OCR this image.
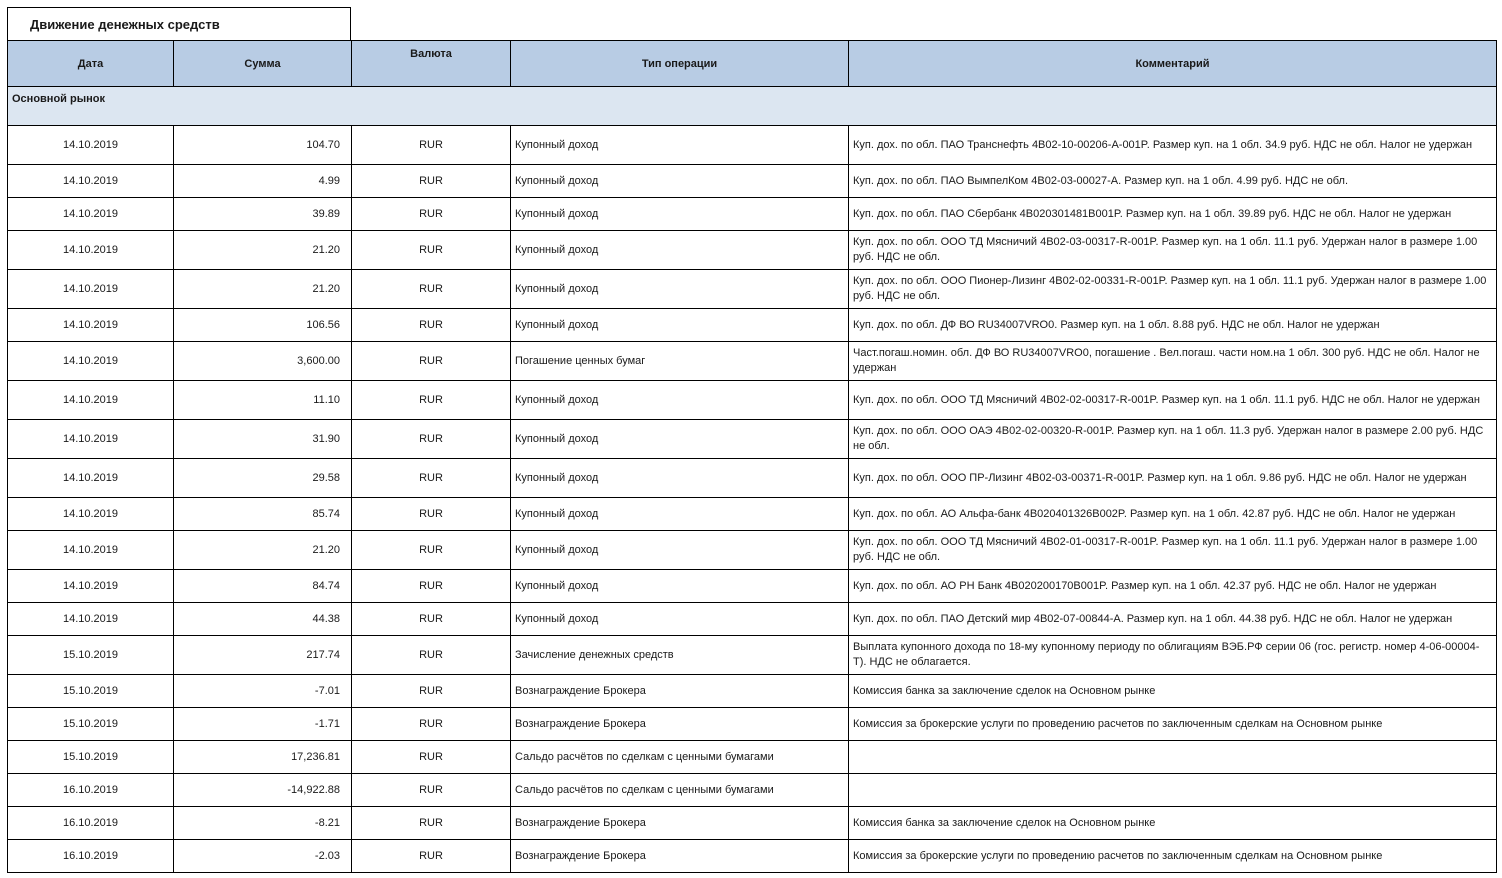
Движение денежных средств
Дата	Сумма	Валюта	Тип операции	Комментарий
Основной рынок				
14.10.2019	104.70	RUR	Купонный доход	Куп. дох. по обл. ПАО Транснефть 4B02-10-00206-A-001P. Размер куп. на 1 обл. 34.9 руб. НДС не обл. Налог не удержан
14.10.2019	4.99	RUR	Купонный доход	Куп. дох. по обл. ПАО ВымпелКом 4B02-03-00027-A. Размер куп. на 1 обл. 4.99 руб. НДС не обл.
14.10.2019	39.89	RUR	Купонный доход	Куп. дох. по обл. ПАО Сбербанк 4B020301481B001P. Размер куп. на 1 обл. 39.89 руб. НДС не обл. Налог не удержан
14.10.2019	21.20	RUR	Купонный доход	Куп. дох. по обл. ООО ТД Мясничий 4B02-03-00317-R-001P. Размер куп. на 1 обл. 11.1 руб. Удержан налог в размере 1.00 руб. НДС не обл.
14.10.2019	21.20	RUR	Купонный доход	Куп. дох. по обл. ООО Пионер-Лизинг 4B02-02-00331-R-001P. Размер куп. на 1 обл. 11.1 руб. Удержан налог в размере 1.00 руб. НДС не обл.
14.10.2019	106.56	RUR	Купонный доход	Куп. дох. по обл. ДФ ВО RU34007VRO0. Размер куп. на 1 обл. 8.88 руб. НДС не обл. Налог не удержан
14.10.2019	3,600.00	RUR	Погашение ценных бумаг	Част.погаш.номин. обл. ДФ ВО RU34007VRO0, погашение . Вел.погаш. части ном.на 1 обл. 300 руб. НДС не обл. Налог не удержан
14.10.2019	11.10	RUR	Купонный доход	Куп. дох. по обл. ООО ТД Мясничий 4B02-02-00317-R-001P. Размер куп. на 1 обл. 11.1 руб. НДС не обл. Налог не удержан
14.10.2019	31.90	RUR	Купонный доход	Куп. дох. по обл. ООО ОАЭ 4B02-02-00320-R-001P. Размер куп. на 1 обл. 11.3 руб. Удержан налог в размере 2.00 руб. НДС не обл.
14.10.2019	29.58	RUR	Купонный доход	Куп. дох. по обл. ООО ПР-Лизинг 4B02-03-00371-R-001P. Размер куп. на 1 обл. 9.86 руб. НДС не обл. Налог не удержан
14.10.2019	85.74	RUR	Купонный доход	Куп. дох. по обл. АО Альфа-банк 4B020401326B002P. Размер куп. на 1 обл. 42.87 руб. НДС не обл. Налог не удержан
14.10.2019	21.20	RUR	Купонный доход	Куп. дох. по обл. ООО ТД Мясничий 4B02-01-00317-R-001P. Размер куп. на 1 обл. 11.1 руб. Удержан налог в размере 1.00 руб. НДС не обл.
14.10.2019	84.74	RUR	Купонный доход	Куп. дох. по обл. АО РН Банк 4B020200170B001P. Размер куп. на 1 обл. 42.37 руб. НДС не обл. Налог не удержан
14.10.2019	44.38	RUR	Купонный доход	Куп. дох. по обл. ПАО Детский мир 4B02-07-00844-A. Размер куп. на 1 обл. 44.38 руб. НДС не обл. Налог не удержан
15.10.2019	217.74	RUR	Зачисление денежных средств	Выплата купонного дохода по 18-му купонному периоду по облигациям ВЭБ.РФ серии 06 (гос. регистр. номер 4-06-00004-T). НДС не облагается.
15.10.2019	-7.01	RUR	Вознаграждение Брокера	Комиссия банка за заключение сделок на Основном рынке
15.10.2019	-1.71	RUR	Вознаграждение Брокера	Комиссия за брокерские услуги по проведению расчетов по заключенным сделкам на Основном рынке
15.10.2019	17,236.81	RUR	Сальдо расчётов по сделкам с ценными бумагами	
16.10.2019	-14,922.88	RUR	Сальдо расчётов по сделкам с ценными бумагами	
16.10.2019	-8.21	RUR	Вознаграждение Брокера	Комиссия банка за заключение сделок на Основном рынке
16.10.2019	-2.03	RUR	Вознаграждение Брокера	Комиссия за брокерские услуги по проведению расчетов по заключенным сделкам на Основном рынке
